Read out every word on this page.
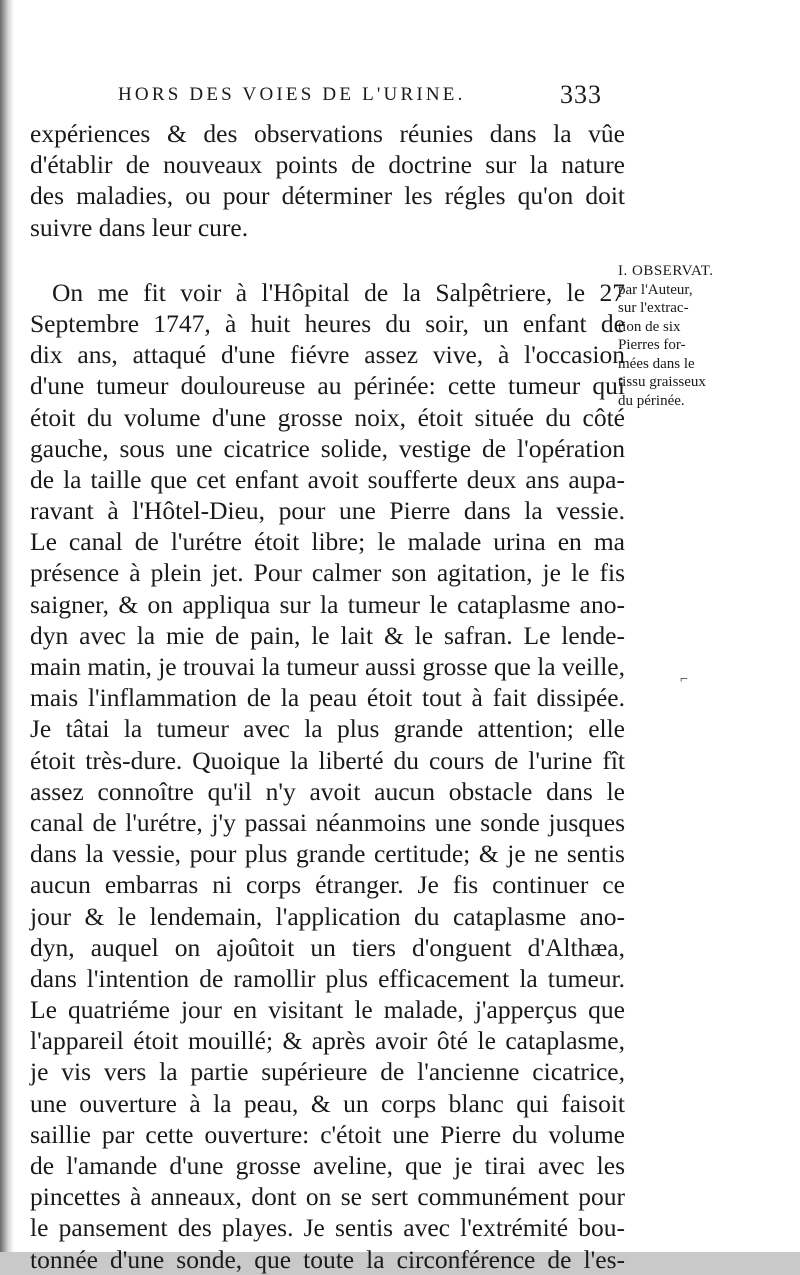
HORS DES VOIES DE L'URINE.	333
expériences & des observations réunies dans la vûe
d'établir de nouveaux points de doctrine sur la nature
des maladies, ou pour déterminer les régles qu'on doit
suivre dans leur cure.
On me fit voir à l'Hôpital de la Salpêtriere, le 27
Septembre 1747, à huit heures du soir, un enfant de
dix ans, attaqué d'une fiévre assez vive, à l'occasion
d'une tumeur douloureuse au périnée: cette tumeur qui
étoit du volume d'une grosse noix, étoit située du côté
gauche, sous une cicatrice solide, vestige de l'opération
de la taille que cet enfant avoit soufferte deux ans aupa-
ravant à l'Hôtel-Dieu, pour une Pierre dans la vessie.
Le canal de l'urétre étoit libre; le malade urina en ma
présence à plein jet. Pour calmer son agitation, je le fis
saigner, & on appliqua sur la tumeur le cataplasme ano-
dyn avec la mie de pain, le lait & le safran. Le lende-
main matin, je trouvai la tumeur aussi grosse que la veille,
mais l'inflammation de la peau étoit tout à fait dissipée.
Je tâtai la tumeur avec la plus grande attention; elle
étoit très-dure. Quoique la liberté du cours de l'urine fît
assez connoître qu'il n'y avoit aucun obstacle dans le
canal de l'urétre, j'y passai néanmoins une sonde jusques
dans la vessie, pour plus grande certitude; & je ne sentis
aucun embarras ni corps étranger. Je fis continuer ce
jour & le lendemain, l'application du cataplasme ano-
dyn, auquel on ajoûtoit un tiers d'onguent d'Althæa,
dans l'intention de ramollir plus efficacement la tumeur.
Le quatriéme jour en visitant le malade, j'apperçus que
l'appareil étoit mouillé; & après avoir ôté le cataplasme,
je vis vers la partie supérieure de l'ancienne cicatrice,
une ouverture à la peau, & un corps blanc qui faisoit
saillie par cette ouverture: c'étoit une Pierre du volume
de l'amande d'une grosse aveline, que je tirai avec les
pincettes à anneaux, dont on se sert communément pour
le pansement des playes. Je sentis avec l'extrémité bou-
tonnée d'une sonde, que toute la circonférence de l'es-
I. OBSERVAT.
par l'Auteur,
sur l'extrac-
tion de six
Pierres for-
mées dans le
tissu graisseux
du périnée.
⌐
